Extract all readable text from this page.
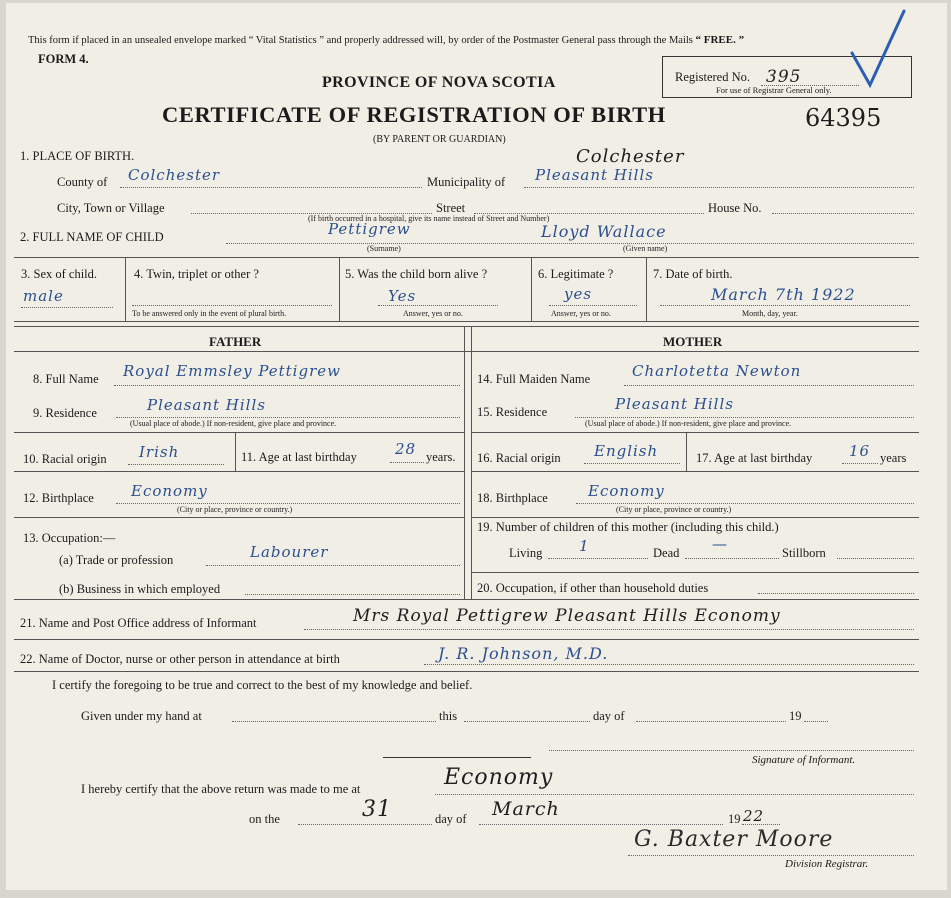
This form if placed in an unsealed envelope marked “ Vital Statistics ” and properly addressed will, by order of the Postmaster General pass through the Mails “ FREE. ”
FORM 4.
PROVINCE OF NOVA SCOTIA
CERTIFICATE OF REGISTRATION OF BIRTH
(BY PARENT OR GUARDIAN)
Registered No. 395
For use of Registrar General only.
64395
1. PLACE OF BIRTH.	Colchester
County of Colchester	Municipality of Pleasant Hills
City, Town or Village	Street	House No.
(If birth occurred in a hospital, give its name instead of Street and Number)
2. FULL NAME OF CHILD	Pettigrew	Lloyd Wallace
(Surname)	(Given name)
3. Sex of child.
male
4. Twin, triplet or other ?
To be answered only in the event of plural birth.
5. Was the child born alive ?
Yes
Answer, yes or no.
6. Legitimate ?
yes
Answer, yes or no.
7. Date of birth.
March 7th 1922
Month, day, year.
FATHER	MOTHER
8. Full Name Royal Emmsley Pettigrew
9. Residence	Pleasant Hills
(Usual place of abode.) If non-resident, give place and province.
10. Racial origin Irish	11. Age at last birthday	28 years.
12. Birthplace Economy
(City or place, province or country.)
13. Occupation:—
(a) Trade or profession	Labourer
(b) Business in which employed
14. Full Maiden Name	Charlotetta Newton
15. Residence	Pleasant Hills
(Usual place of abode.) If non-resident, give place and province.
16. Racial origin English	17. Age at last birthday 16 years
18. Birthplace	Economy
(City or place, province or country.)
19. Number of children of this mother (including this child.)
Living 1	Dead —	Stillborn
20. Occupation, if other than household duties
21. Name and Post Office address of Informant	Mrs Royal Pettigrew Pleasant Hills Economy
22. Name of Doctor, nurse or other person in attendance at birth	J. R. Johnson, M.D.
I certify the foregoing to be true and correct to the best of my knowledge and belief.
Given under my hand at	this	day of	19
Signature of Informant.
I hereby certify that the above return was made to me at	Economy
on the	31	day of March	19 22
G. Baxter Moore
Division Registrar.
